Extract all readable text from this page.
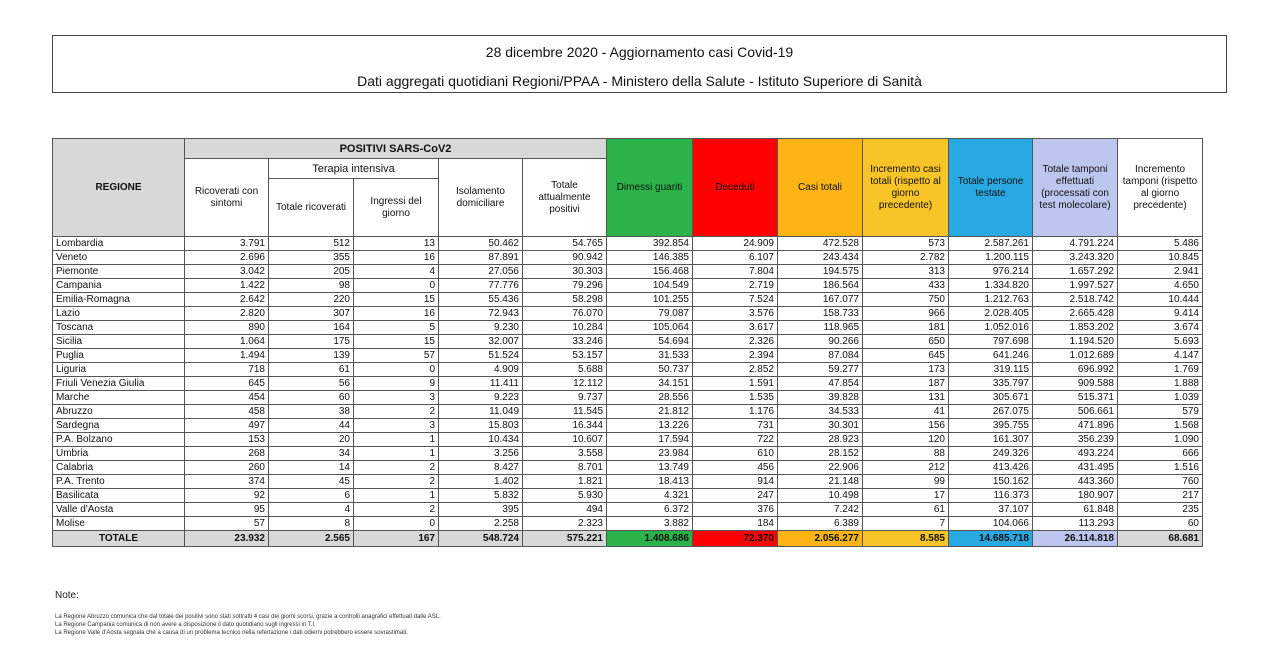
28 dicembre 2020 - Aggiornamento casi Covid-19
Dati aggregati quotidiani Regioni/PPAA - Ministero della Salute - Istituto Superiore di Sanità
REGIONE	POSITIVI SARS-CoV2					Dimessi guariti	Deceduti	Casi totali	Incremento casi totali (rispetto al giorno precedente)	Totale persone testate	Totale tamponi effettuati (processati con test molecolare)	Incremento tamponi (rispetto al giorno precedente)
	Ricoverati con sintomi	Terapia intensiva		Isolamento domiciliare	Totale attualmente positivi							
		Totale ricoverati	Ingressi del giorno									
Lombardia	3.791	512	13	50.462	54.765	392.854	24.909	472.528	573	2.587.261	4.791.224	5.486
Veneto	2.696	355	16	87.891	90.942	146.385	6.107	243.434	2.782	1.200.115	3.243.320	10.845
Piemonte	3.042	205	4	27.056	30.303	156.468	7.804	194.575	313	976.214	1.657.292	2.941
Campania	1.422	98	0	77.776	79.296	104.549	2.719	186.564	433	1.334.820	1.997.527	4.650
Emilia-Romagna	2.642	220	15	55.436	58.298	101.255	7.524	167.077	750	1.212.763	2.518.742	10.444
Lazio	2.820	307	16	72.943	76.070	79.087	3.576	158.733	966	2.028.405	2.665.428	9.414
Toscana	890	164	5	9.230	10.284	105.064	3.617	118.965	181	1.052.016	1.853.202	3.674
Sicilia	1.064	175	15	32.007	33.246	54.694	2.326	90.266	650	797.698	1.194.520	5.693
Puglia	1.494	139	57	51.524	53.157	31.533	2.394	87.084	645	641.246	1.012.689	4.147
Liguria	718	61	0	4.909	5.688	50.737	2.852	59.277	173	319.115	696.992	1.769
Friuli Venezia Giulia	645	56	9	11.411	12.112	34.151	1.591	47.854	187	335.797	909.588	1.888
Marche	454	60	3	9.223	9.737	28.556	1.535	39.828	131	305.671	515.371	1.039
Abruzzo	458	38	2	11.049	11.545	21.812	1.176	34.533	41	267.075	506.661	579
Sardegna	497	44	3	15.803	16.344	13.226	731	30.301	156	395.755	471.896	1.568
P.A. Bolzano	153	20	1	10.434	10.607	17.594	722	28.923	120	161.307	356.239	1.090
Umbria	268	34	1	3.256	3.558	23.984	610	28.152	88	249.326	493.224	666
Calabria	260	14	2	8.427	8.701	13.749	456	22.906	212	413.426	431.495	1.516
P.A. Trento	374	45	2	1.402	1.821	18.413	914	21.148	99	150.162	443.360	760
Basilicata	92	6	1	5.832	5.930	4.321	247	10.498	17	116.373	180.907	217
Valle d'Aosta	95	4	2	395	494	6.372	376	7.242	61	37.107	61.848	235
Molise	57	8	0	2.258	2.323	3.882	184	6.389	7	104.066	113.293	60
TOTALE	23.932	2.565	167	548.724	575.221	1.408.686	72.370	2.056.277	8.585	14.685.718	26.114.818	68.681
Note:
La Regione Abruzzo comunica che dal totale dei positivi sono stati sottratti 4 casi dei giorni scorsi, grazie a controlli anagrafici effettuati dalle ASL.
La Regione Campania comunica di non avere a disposizione il dato quotidiano sugli ingressi in T.I.
La Regione Valle d'Aosta segnala che a causa di un problema tecnico nella refertazione i dati odierni potrebbero essere sovrastimati.
